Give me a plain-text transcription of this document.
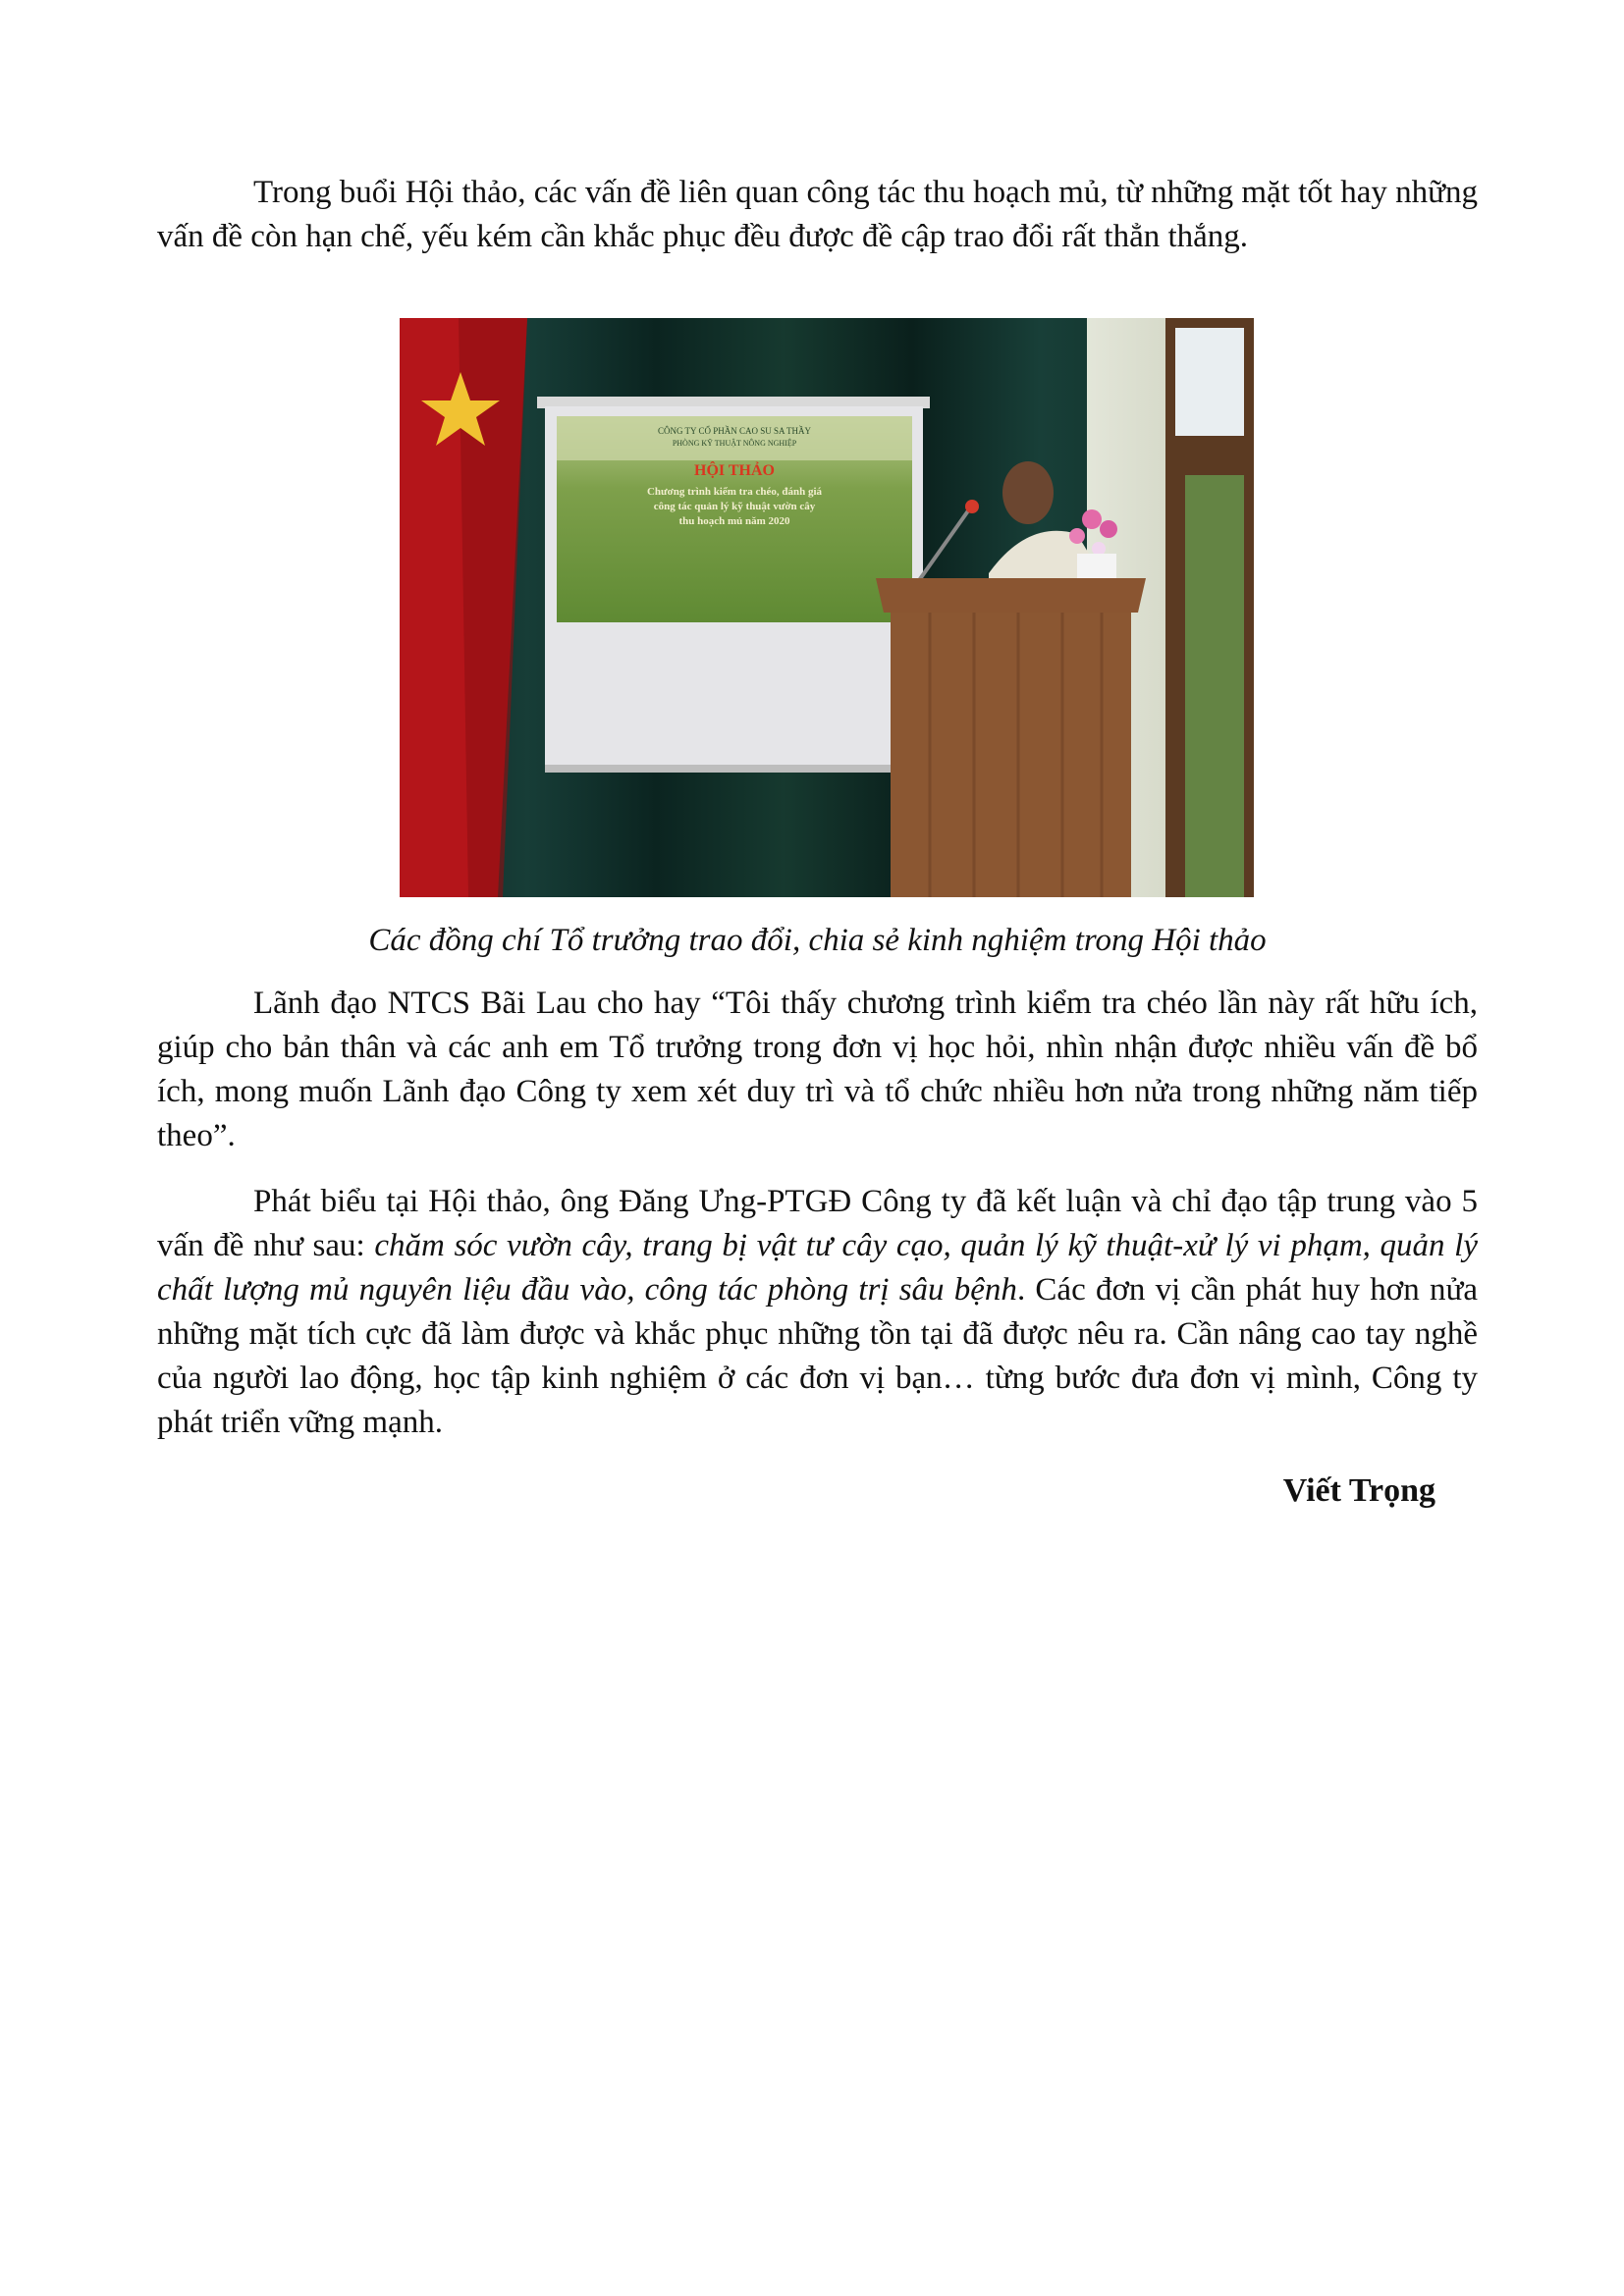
Trong buổi Hội thảo, các vấn đề liên quan công tác thu hoạch mủ, từ những mặt tốt hay những vấn đề còn hạn chế, yếu kém cần khắc phục đều được đề cập trao đổi rất thẳn thắng.

CÔNG TY CỔ PHẦN CAO SU SA THẦY
PHÒNG KỸ THUẬT NÔNG NGHIỆP
HỘI THẢO
Chương trình kiểm tra chéo, đánh giá
công tác quản lý kỹ thuật vườn cây
thu hoạch mủ năm 2020

Các đồng chí Tổ trưởng trao đổi, chia sẻ kinh nghiệm trong Hội thảo

Lãnh đạo NTCS Bãi Lau cho hay “Tôi thấy chương trình kiểm tra chéo lần này rất hữu ích, giúp cho bản thân và các anh em Tổ trưởng trong đơn vị học hỏi, nhìn nhận được nhiều vấn đề bổ ích, mong muốn Lãnh đạo Công ty xem xét duy trì và tổ chức nhiều hơn nửa trong những năm tiếp theo”.

Phát biểu tại Hội thảo, ông Đăng Ưng-PTGĐ Công ty đã kết luận và chỉ đạo tập trung vào 5 vấn đề như sau: chăm sóc vườn cây, trang bị vật tư cây cạo, quản lý kỹ thuật-xử lý vi phạm, quản lý chất lượng mủ nguyên liệu đầu vào, công tác phòng trị sâu bệnh. Các đơn vị cần phát huy hơn nửa những mặt tích cực đã làm được và khắc phục những tồn tại đã được nêu ra. Cần nâng cao tay nghề của người lao động, học tập kinh nghiệm ở các đơn vị bạn… từng bước đưa đơn vị mình, Công ty phát triển vững mạnh.

Viết Trọng
